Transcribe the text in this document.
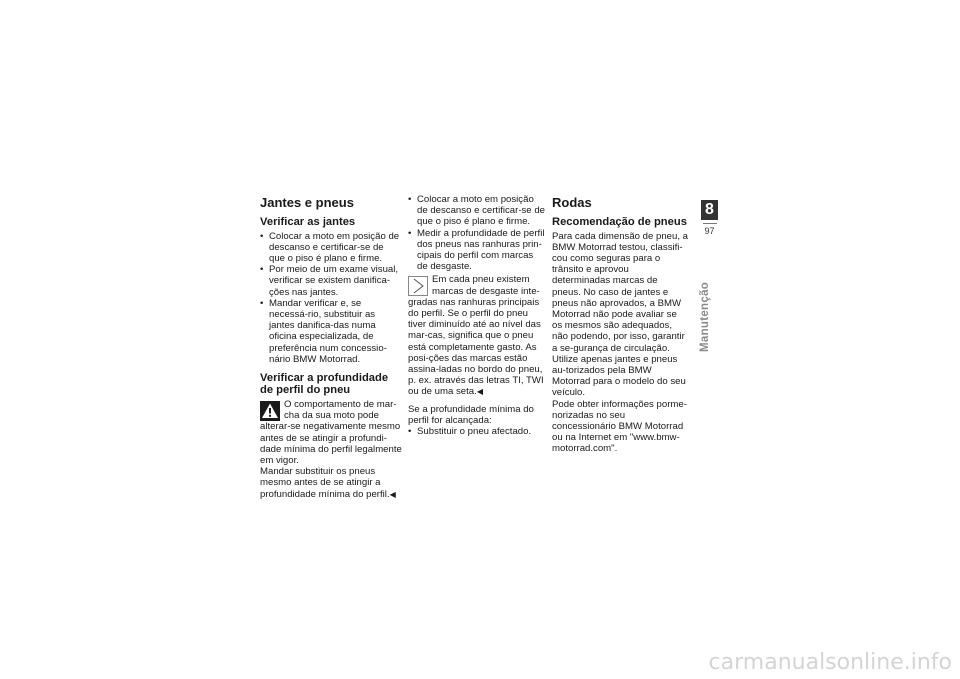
Jantes e pneus
Verificar as jantes
• Colocar a moto em posição de descanso e certificar-se de que o piso é plano e firme.
• Por meio de um exame visual, verificar se existem danifica-ções nas jantes.
• Mandar verificar e, se necessá-rio, substituir as jantes danifica-das numa oficina especializada, de preferência num concessio-nário BMW Motorrad.
Verificar a profundidade de perfil do pneu
O comportamento de mar-cha da sua moto pode alterar-se negativamente mesmo antes de se atingir a profundi-dade mínima do perfil legalmente em vigor.

Mandar substituir os pneus mesmo antes de se atingir a profundidade mínima do perfil.◀

• Colocar a moto em posição de descanso e certificar-se de que o piso é plano e firme.
• Medir a profundidade de perfil dos pneus nas ranhuras prin-cipais do perfil com marcas de desgaste.
Em cada pneu existem marcas de desgaste inte-gradas nas ranhuras principais do perfil. Se o perfil do pneu tiver diminuído até ao nível das mar-cas, significa que o pneu está completamente gasto. As posi-ções das marcas estão assina-ladas no bordo do pneu, p. ex. através das letras TI, TWI ou de uma seta.◀

Se a profundidade mínima do perfil for alcançada:

• Substituir o pneu afectado.
Rodas
Recomendação de pneus

Para cada dimensão de pneu, a BMW Motorrad testou, classifi-cou como seguras para o trânsito e aprovou determinadas marcas de pneus. No caso de jantes e pneus não aprovados, a BMW Motorrad não pode avaliar se os mesmos são adequados, não podendo, por isso, garantir a se-gurança de circulação.

Utilize apenas jantes e pneus au-torizados pela BMW Motorrad para o modelo do seu veículo.

Pode obter informações porme-norizadas no seu concessionário BMW Motorrad ou na Internet em "www.bmw-motorrad.com".

8
97
Manutenção
carmanualsonline.info
